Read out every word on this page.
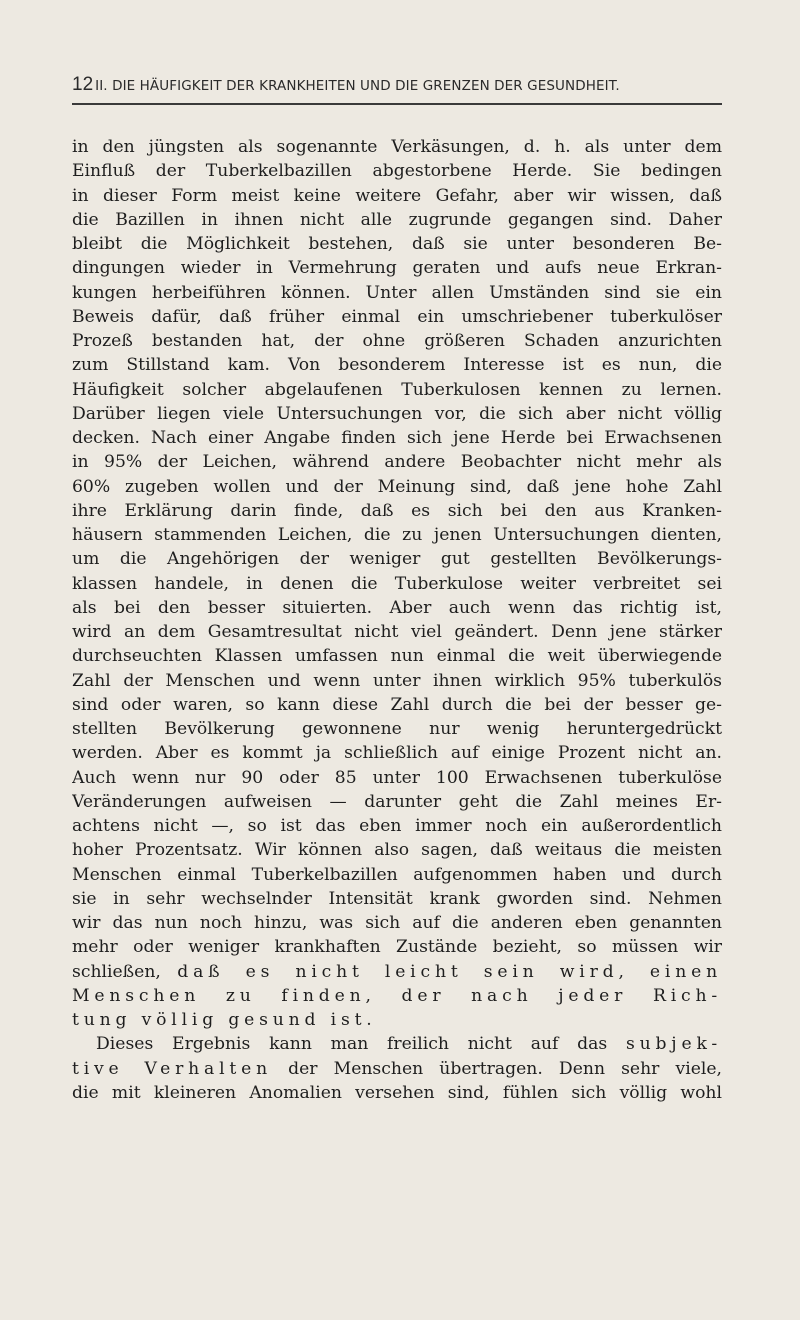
12 II. DIE HÄUFIGKEIT DER KRANKHEITEN UND DIE GRENZEN DER GESUNDHEIT.
in den jüngsten als sogenannte Verkäsungen, d. h. als unter dem
Einfluß der Tuberkelbazillen abgestorbene Herde. Sie bedingen
in dieser Form meist keine weitere Gefahr, aber wir wissen, daß
die Bazillen in ihnen nicht alle zugrunde gegangen sind. Daher
bleibt die Möglichkeit bestehen, daß sie unter besonderen Be-
dingungen wieder in Vermehrung geraten und aufs neue Erkran-
kungen herbeiführen können. Unter allen Umständen sind sie ein
Beweis dafür, daß früher einmal ein umschriebener tuberkulöser
Prozeß bestanden hat, der ohne größeren Schaden anzurichten
zum Stillstand kam. Von besonderem Interesse ist es nun, die
Häufigkeit solcher abgelaufenen Tuberkulosen kennen zu lernen.
Darüber liegen viele Untersuchungen vor, die sich aber nicht völlig
decken. Nach einer Angabe finden sich jene Herde bei Erwachsenen
in 95% der Leichen, während andere Beobachter nicht mehr als
60% zugeben wollen und der Meinung sind, daß jene hohe Zahl
ihre Erklärung darin finde, daß es sich bei den aus Kranken-
häusern stammenden Leichen, die zu jenen Untersuchungen dienten,
um die Angehörigen der weniger gut gestellten Bevölkerungs-
klassen handele, in denen die Tuberkulose weiter verbreitet sei
als bei den besser situierten. Aber auch wenn das richtig ist,
wird an dem Gesamtresultat nicht viel geändert. Denn jene stärker
durchseuchten Klassen umfassen nun einmal die weit überwiegende
Zahl der Menschen und wenn unter ihnen wirklich 95% tuberkulös
sind oder waren, so kann diese Zahl durch die bei der besser ge-
stellten Bevölkerung gewonnene nur wenig heruntergedrückt
werden. Aber es kommt ja schließlich auf einige Prozent nicht an.
Auch wenn nur 90 oder 85 unter 100 Erwachsenen tuberkulöse
Veränderungen aufweisen — darunter geht die Zahl meines Er-
achtens nicht —, so ist das eben immer noch ein außerordentlich
hoher Prozentsatz. Wir können also sagen, daß weitaus die meisten
Menschen einmal Tuberkelbazillen aufgenommen haben und durch
sie in sehr wechselnder Intensität krank gworden sind. Nehmen
wir das nun noch hinzu, was sich auf die anderen eben genannten
mehr oder weniger krankhaften Zustände bezieht, so müssen wir
schließen, daß es nicht leicht sein wird, einen
Menschen zu finden, der nach jeder Rich-
tung völlig gesund ist.
Dieses Ergebnis kann man freilich nicht auf das subjek-
tive Verhalten der Menschen übertragen. Denn sehr viele,
die mit kleineren Anomalien versehen sind, fühlen sich völlig wohl
